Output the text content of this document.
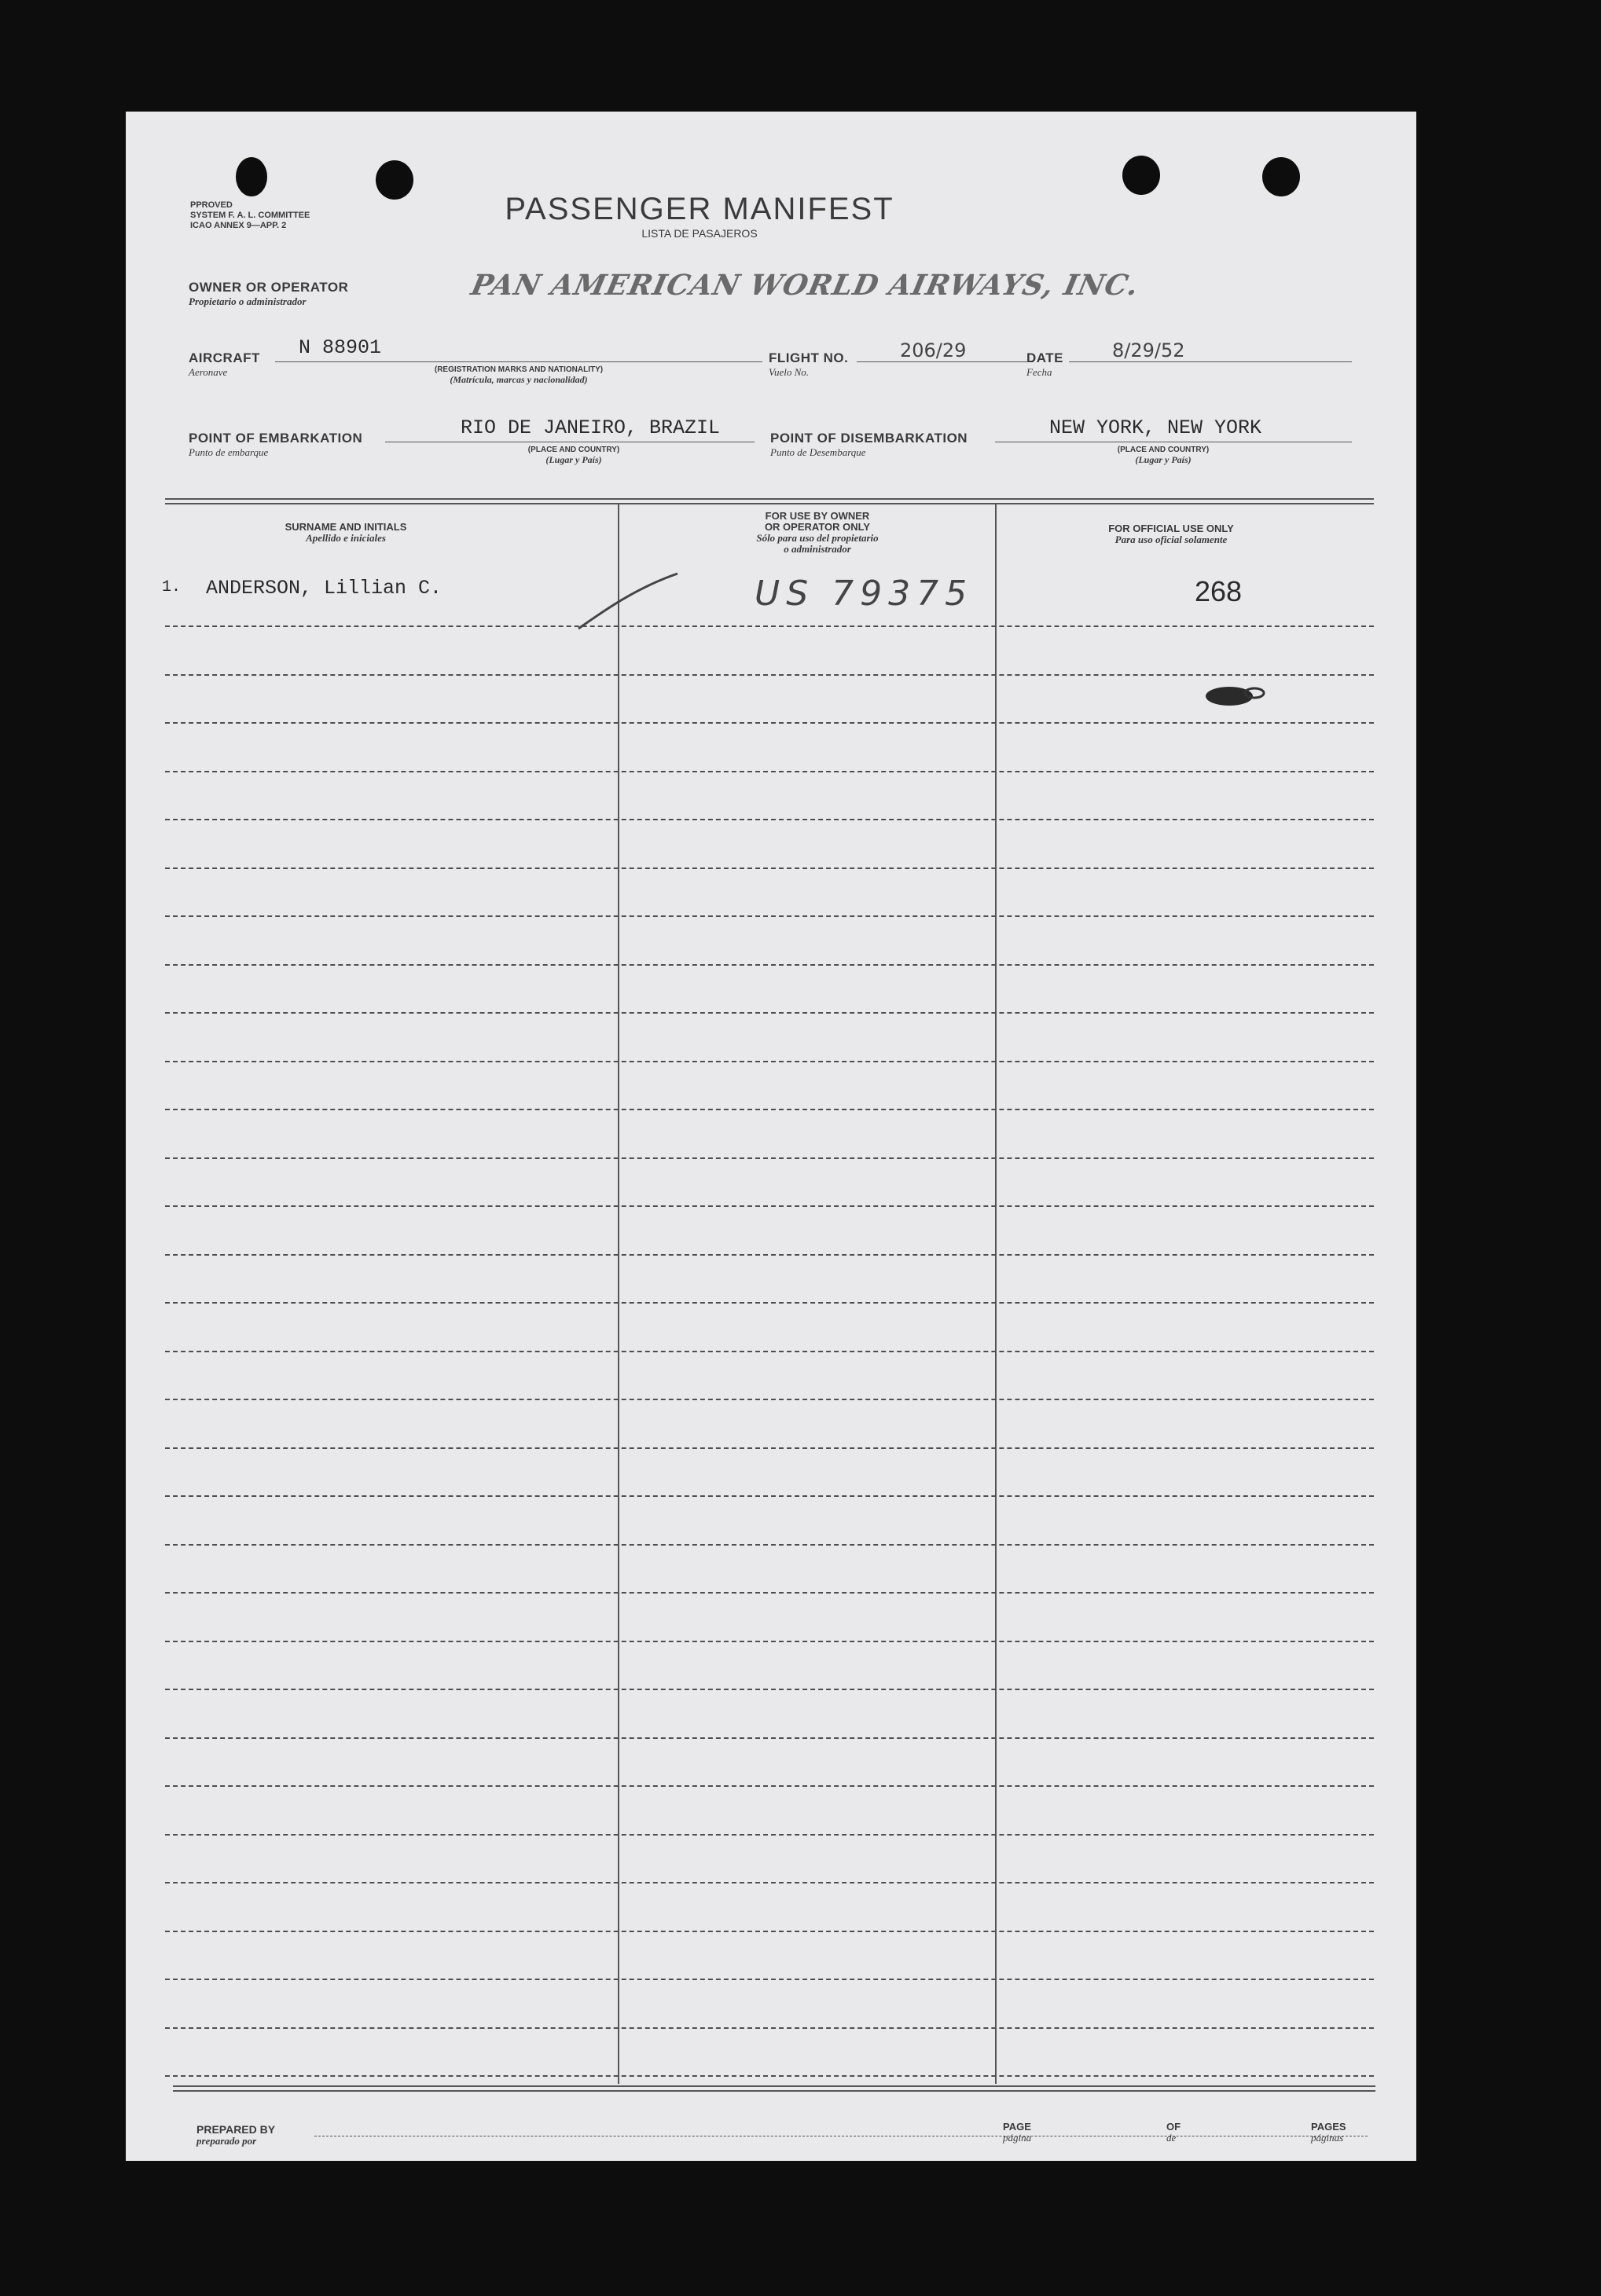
PPROVED
SYSTEM F. A. L. COMMITTEE
ICAO ANNEX 9—APP. 2	PASSENGER MANIFEST
LISTA DE PASAJEROS
OWNER OR OPERATOR
Propietario o administrador	PAN AMERICAN WORLD AIRWAYS, INC.
AIRCRAFT
Aeronave
N 88901
(REGISTRATION MARKS AND NATIONALITY)
(Matrícula, marcas y nacionalidad)
FLIGHT NO.
Vuelo No.
206/29	DATE
Fecha
8/29/52
POINT OF EMBARKATION
Punto de embarque
RIO DE JANEIRO, BRAZIL
(PLACE AND COUNTRY)
(Lugar y País)
POINT OF DISEMBARKATION
Punto de Desembarque
NEW YORK, NEW YORK
(PLACE AND COUNTRY)
(Lugar y País)
SURNAME AND INITIALS
Apellido e iniciales
FOR USE BY OWNER
OR OPERATOR ONLY
Sólo para uso del propietario
o administrador
FOR OFFICIAL USE ONLY
Para uso oficial solamente
1. ANDERSON, Lillian C.	US 79375	268
PREPARED BY
preparado por
PAGE
página
OF
de
PAGES
páginas
